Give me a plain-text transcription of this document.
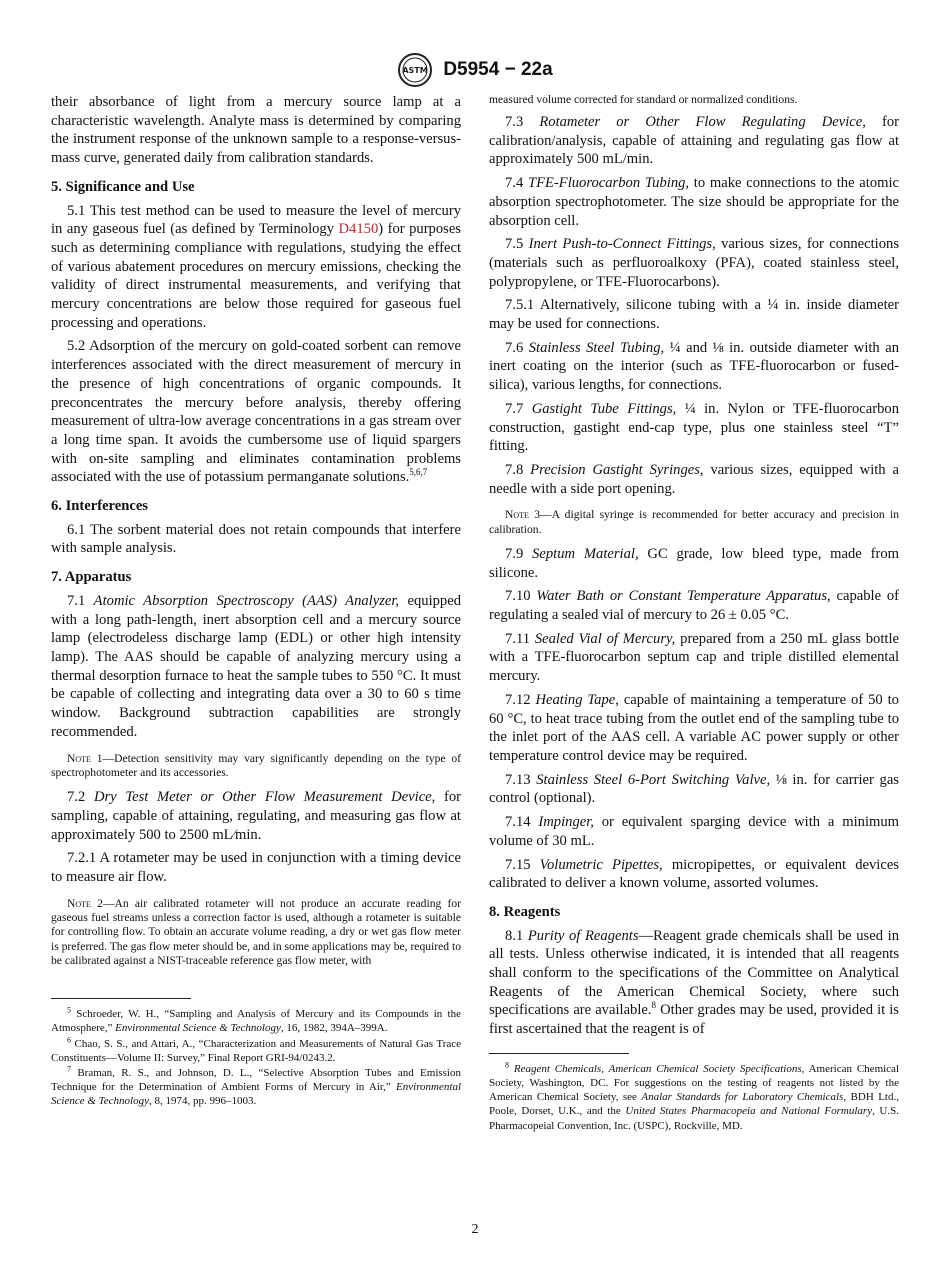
ASTM D5954 − 22a

their absorbance of light from a mercury source lamp at a characteristic wavelength. Analyte mass is determined by comparing the instrument response of the unknown sample to a response-versus-mass curve, generated daily from calibration standards.

5. Significance and Use

5.1 This test method can be used to measure the level of mercury in any gaseous fuel (as defined by Terminology D4150) for purposes such as determining compliance with regulations, studying the effect of various abatement procedures on mercury emissions, checking the validity of direct instrumental measurements, and verifying that mercury concentrations are below those required for gaseous fuel processing and operations.

5.2 Adsorption of the mercury on gold-coated sorbent can remove interferences associated with the direct measurement of mercury in the presence of high concentrations of organic compounds. It preconcentrates the mercury before analysis, thereby offering measurement of ultra-low average concentrations in a gas stream over a long time span. It avoids the cumbersome use of liquid spargers with on-site sampling and eliminates contamination problems associated with the use of potassium permanganate solutions.$^{5,6,7}$

6. Interferences

6.1 The sorbent material does not retain compounds that interfere with sample analysis.

7. Apparatus

7.1 Atomic Absorption Spectroscopy (AAS) Analyzer, equipped with a long path-length, inert absorption cell and a mercury source lamp (electrodeless discharge lamp (EDL) or other high intensity lamp). The AAS should be capable of analyzing mercury using a thermal desorption furnace to heat the sample tubes to 550 °C. It must be capable of collecting and integrating data over a 30 to 60 s time window. Background subtraction capabilities are strongly recommended.

Note 1—Detection sensitivity may vary significantly depending on the type of spectrophotometer and its accessories.

7.2 Dry Test Meter or Other Flow Measurement Device, for sampling, capable of attaining, regulating, and measuring gas flow at approximately 500 to 2500 mL⁄min.

7.2.1 A rotameter may be used in conjunction with a timing device to measure air flow.

Note 2—An air calibrated rotameter will not produce an accurate reading for gaseous fuel streams unless a correction factor is used, although a rotameter is suitable for controlling flow. To obtain an accurate volume reading, a dry or wet gas flow meter is preferred. The gas flow meter should be, and in some applications may be, required to be calibrated against a NIST-traceable reference gas flow meter, with

$^5$ Schroeder, W. H., “Sampling and Analysis of Mercury and its Compounds in the Atmosphere,” Environmental Science & Technology, 16, 1982, 394A–399A.

$^6$ Chao, S. S., and Attari, A., “Characterization and Measurements of Natural Gas Trace Constituents—Volume II: Survey,” Final Report GRI-94/0243.2.

$^7$ Braman, R. S., and Johnson, D. L., “Selective Absorption Tubes and Emission Technique for the Determination of Ambient Forms of Mercury in Air,” Environmental Science & Technology, 8, 1974, pp. 996–1003.

measured volume corrected for standard or normalized conditions.

7.3 Rotameter or Other Flow Regulating Device, for calibration/analysis, capable of attaining and regulating gas flow at approximately 500 mL/min.

7.4 TFE-Fluorocarbon Tubing, to make connections to the atomic absorption spectrophotometer. The size should be appropriate for the absorption cell.

7.5 Inert Push-to-Connect Fittings, various sizes, for connections (materials such as perfluoroalkoxy (PFA), coated stainless steel, polypropylene, or TFE-Fluorocarbons).

7.5.1 Alternatively, silicone tubing with a ¼ in. inside diameter may be used for connections.

7.6 Stainless Steel Tubing, ¼ and ⅛ in. outside diameter with an inert coating on the interior (such as TFE-fluorocarbon or fused-silica), various lengths, for connections.

7.7 Gastight Tube Fittings, ¼ in. Nylon or TFE-fluorocarbon construction, gastight end-cap type, plus one stainless steel “T” fitting.

7.8 Precision Gastight Syringes, various sizes, equipped with a needle with a side port opening.

Note 3—A digital syringe is recommended for better accuracy and precision in calibration.

7.9 Septum Material, GC grade, low bleed type, made from silicone.

7.10 Water Bath or Constant Temperature Apparatus, capable of regulating a sealed vial of mercury to 26 ± 0.05 °C.

7.11 Sealed Vial of Mercury, prepared from a 250 mL glass bottle with a TFE-fluorocarbon septum cap and triple distilled elemental mercury.

7.12 Heating Tape, capable of maintaining a temperature of 50 to 60 °C, to heat trace tubing from the outlet end of the sampling tube to the inlet port of the AAS cell. A variable AC power supply or other temperature control device may be required.

7.13 Stainless Steel 6-Port Switching Valve, ⅛ in. for carrier gas control (optional).

7.14 Impinger, or equivalent sparging device with a minimum volume of 30 mL.

7.15 Volumetric Pipettes, micropipettes, or equivalent devices calibrated to deliver a known volume, assorted volumes.

8. Reagents

8.1 Purity of Reagents—Reagent grade chemicals shall be used in all tests. Unless otherwise indicated, it is intended that all reagents shall conform to the specifications of the Committee on Analytical Reagents of the American Chemical Society, where such specifications are available.$^8$ Other grades may be used, provided it is first ascertained that the reagent is of

$^8$ Reagent Chemicals, American Chemical Society Specifications, American Chemical Society, Washington, DC. For suggestions on the testing of reagents not listed by the American Chemical Society, see Analar Standards for Laboratory Chemicals, BDH Ltd., Poole, Dorset, U.K., and the United States Pharmacopeia and National Formulary, U.S. Pharmacopeial Convention, Inc. (USPC), Rockville, MD.

2
